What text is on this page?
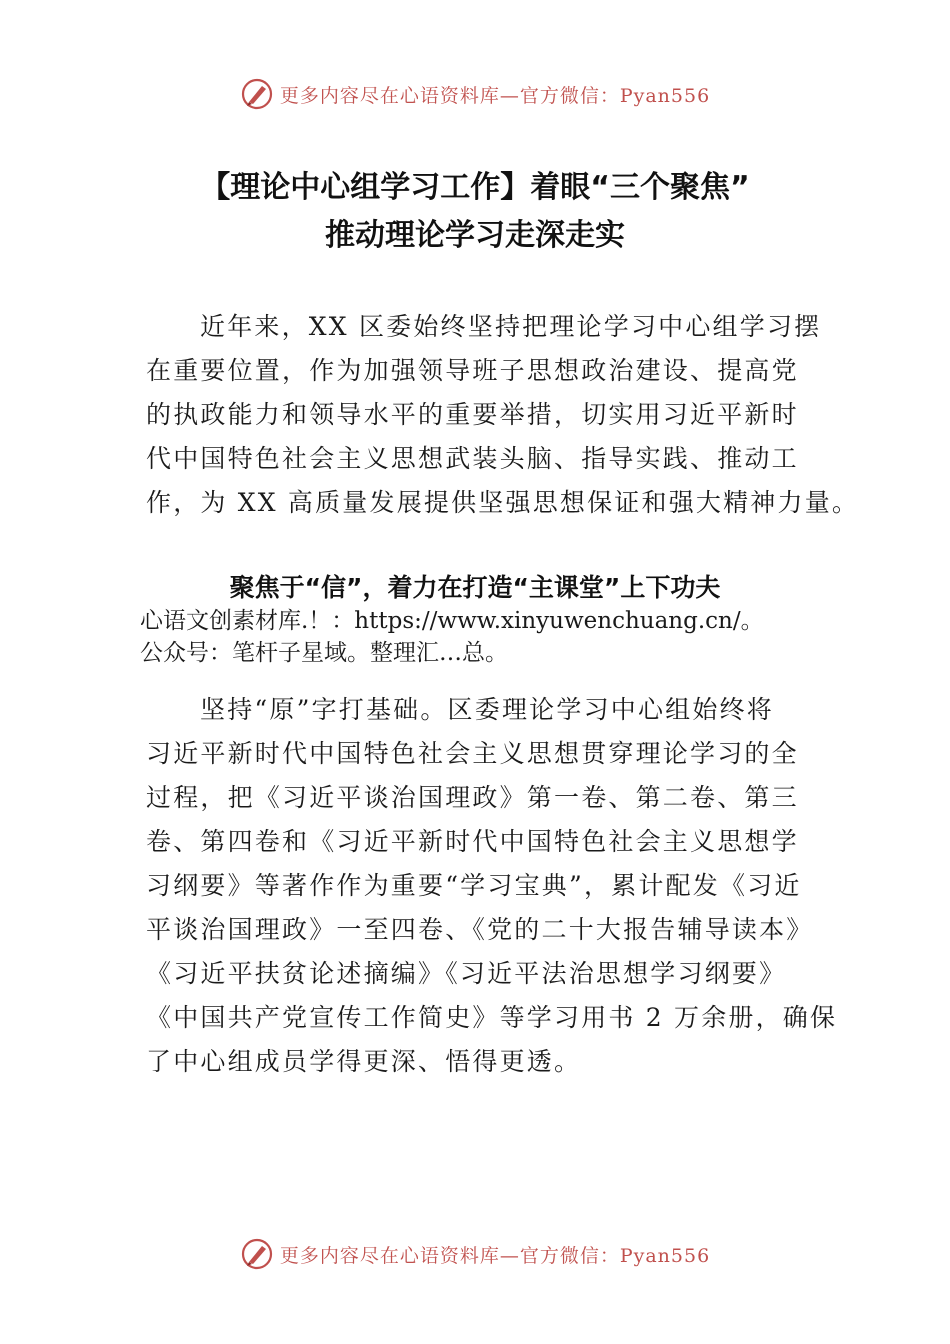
更多内容尽在心语资料库—官方微信：Pyan556
【理论中心组学习工作】着眼“三个聚焦”
推动理论学习走深走实
近年来，XX 区委始终坚持把理论学习中心组学习摆
在重要位置，作为加强领导班子思想政治建设、提高党
的执政能力和领导水平的重要举措，切实用习近平新时
代中国特色社会主义思想武装头脑、指导实践、推动工
作，为 XX 高质量发展提供坚强思想保证和强大精神力量。
聚焦于“信”，着力在打造“主课堂”上下功夫
心语文创素材库.！：https://www.xinyuwenchuang.cn/。
公众号：笔杆子星域。整理汇…总。
坚持“原”字打基础。区委理论学习中心组始终将
习近平新时代中国特色社会主义思想贯穿理论学习的全
过程，把《习近平谈治国理政》第一卷、第二卷、第三
卷、第四卷和《习近平新时代中国特色社会主义思想学
习纲要》等著作作为重要“学习宝典”，累计配发《习近
平谈治国理政》一至四卷、《党的二十大报告辅导读本》
《习近平扶贫论述摘编》《习近平法治思想学习纲要》
《中国共产党宣传工作简史》等学习用书 2 万余册，确保
了中心组成员学得更深、悟得更透。
更多内容尽在心语资料库—官方微信：Pyan556
